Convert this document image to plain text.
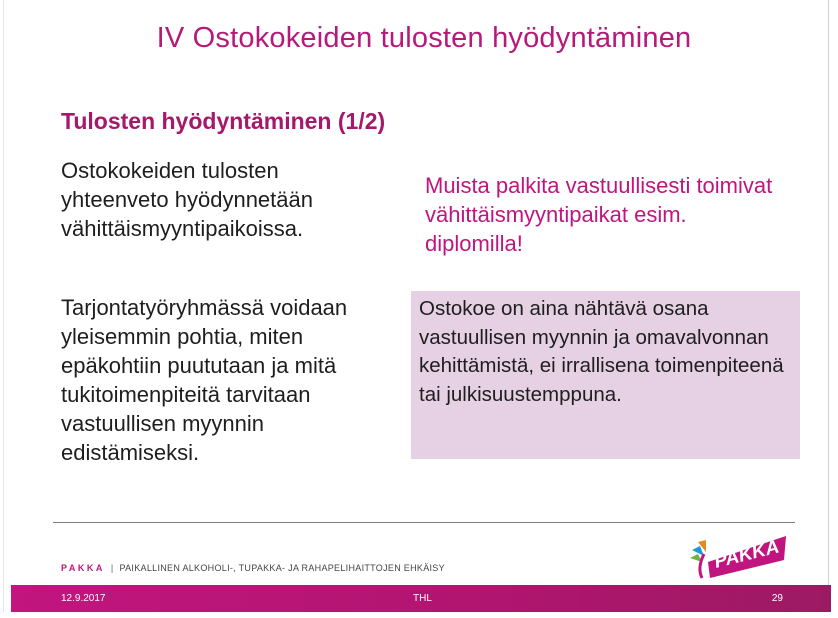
IV Ostokokeiden tulosten hyödyntäminen
Tulosten hyödyntäminen (1/2)

Ostokokeiden tulosten yhteenveto hyödynnetään vähittäismyyntipaikoissa.

Tarjontatyöryhmässä voidaan yleisemmin pohtia, miten epäkohtiin puututaan ja mitä tukitoimenpiteitä tarvitaan vastuullisen myynnin edistämiseksi.

Muista palkita vastuullisesti toimivat vähittäismyyntipaikat esim. diplomilla!
Ostokoe on aina nähtävä osana vastuullisen myynnin ja omavalvonnan kehittämistä, ei irrallisena toimenpiteenä tai julkisuustemppuna.
PAKKA | PAIKALLINEN ALKOHOLI-, TUPAKKA- JA RAHAPELIHAITTOJEN EHKÄISY	PAKKA
12.9.2017	THL	29
